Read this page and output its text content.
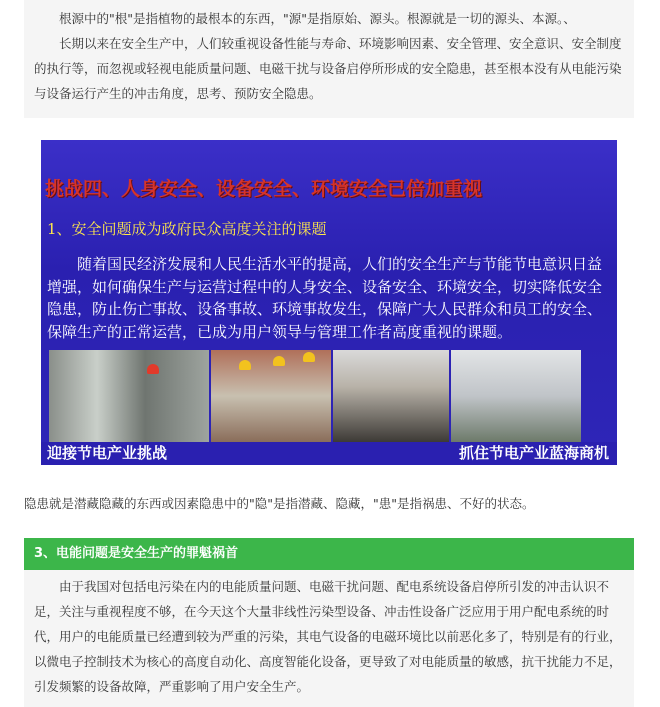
根源中的"根"是指植物的最根本的东西，"源"是指原始、源头。根源就是一切的源头、本源。、

长期以来在安全生产中，人们较重视设备性能与寿命、环境影响因素、安全管理、安全意识、安全制度的执行等，而忽视或轻视电能质量问题、电磁干扰与设备启停所形成的安全隐患，甚至根本没有从电能污染与设备运行产生的冲击角度，思考、预防安全隐患。

挑战四、人身安全、设备安全、环境安全已倍加重视
1、安全问题成为政府民众高度关注的课题
随着国民经济发展和人民生活水平的提高，人们的安全生产与节能节电意识日益增强，如何确保生产与运营过程中的人身安全、设备安全、环境安全，切实降低安全隐患，防止伤亡事故、设备事故、环境事故发生，保障广大人民群众和员工的安全、保障生产的正常运营，已成为用户领导与管理工作者高度重视的课题。
迎接节电产业挑战	抓住节电产业蓝海商机
隐患就是潜藏隐藏的东西或因素隐患中的"隐"是指潜藏、隐藏，"患"是指祸患、不好的状态。
3、电能问题是安全生产的罪魁祸首

由于我国对包括电污染在内的电能质量问题、电磁干扰问题、配电系统设备启停所引发的冲击认识不足，关注与重视程度不够，在今天这个大量非线性污染型设备、冲击性设备广泛应用于用户配电系统的时代，用户的电能质量已经遭到较为严重的污染，其电气设备的电磁环境比以前恶化多了，特别是有的行业，以微电子控制技术为核心的高度自动化、高度智能化设备，更导致了对电能质量的敏感，抗干扰能力不足，引发频繁的设备故障，严重影响了用户安全生产。
